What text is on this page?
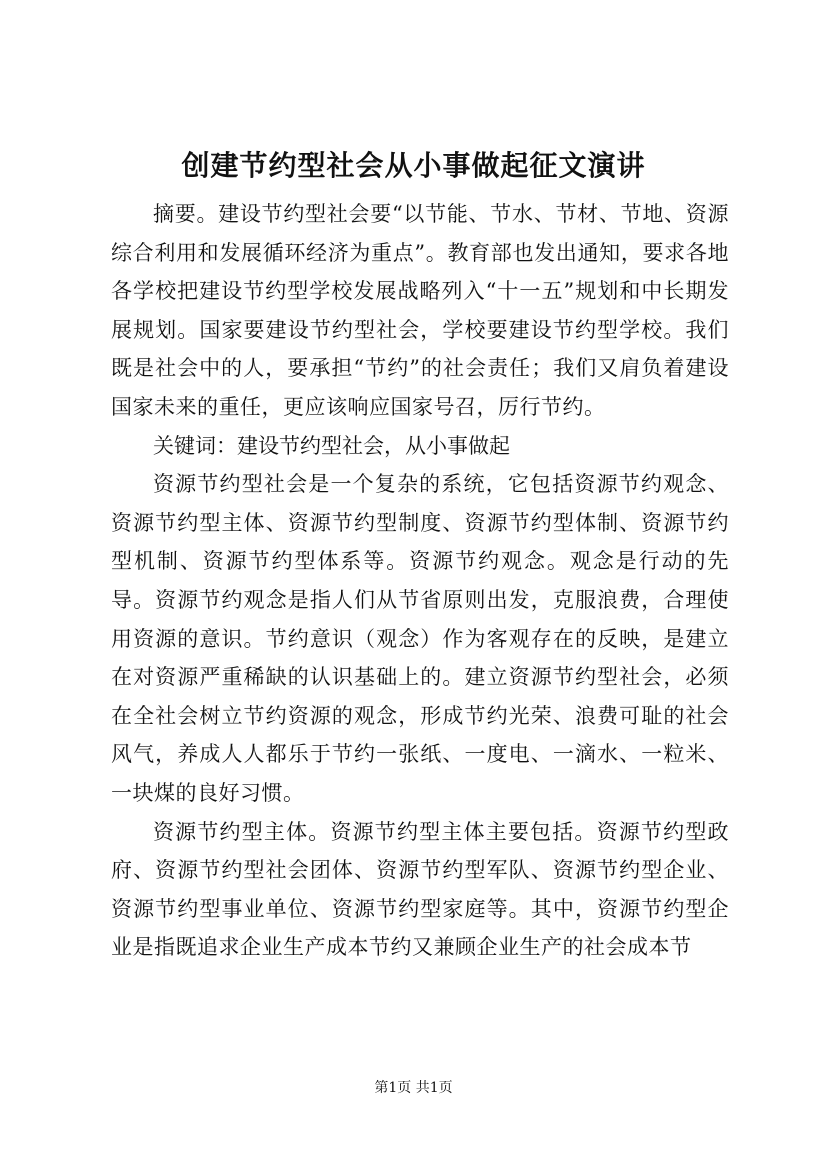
创建节约型社会从小事做起征文演讲

摘要。建设节约型社会要“以节能、节水、节材、节地、资源综合利用和发展循环经济为重点”。教育部也发出通知，要求各地各学校把建设节约型学校发展战略列入“十一五”规划和中长期发展规划。国家要建设节约型社会，学校要建设节约型学校。我们既是社会中的人，要承担“节约”的社会责任；我们又肩负着建设国家未来的重任，更应该响应国家号召，厉行节约。

关键词：建设节约型社会，从小事做起

资源节约型社会是一个复杂的系统，它包括资源节约观念、资源节约型主体、资源节约型制度、资源节约型体制、资源节约型机制、资源节约型体系等。资源节约观念。观念是行动的先导。资源节约观念是指人们从节省原则出发，克服浪费，合理使用资源的意识。节约意识（观念）作为客观存在的反映，是建立在对资源严重稀缺的认识基础上的。建立资源节约型社会，必须在全社会树立节约资源的观念，形成节约光荣、浪费可耻的社会风气，养成人人都乐于节约一张纸、一度电、一滴水、一粒米、一块煤的良好习惯。

资源节约型主体。资源节约型主体主要包括。资源节约型政府、资源节约型社会团体、资源节约型军队、资源节约型企业、资源节约型事业单位、资源节约型家庭等。其中，资源节约型企业是指既追求企业生产成本节约又兼顾企业生产的社会成本节

第1页 共1页
